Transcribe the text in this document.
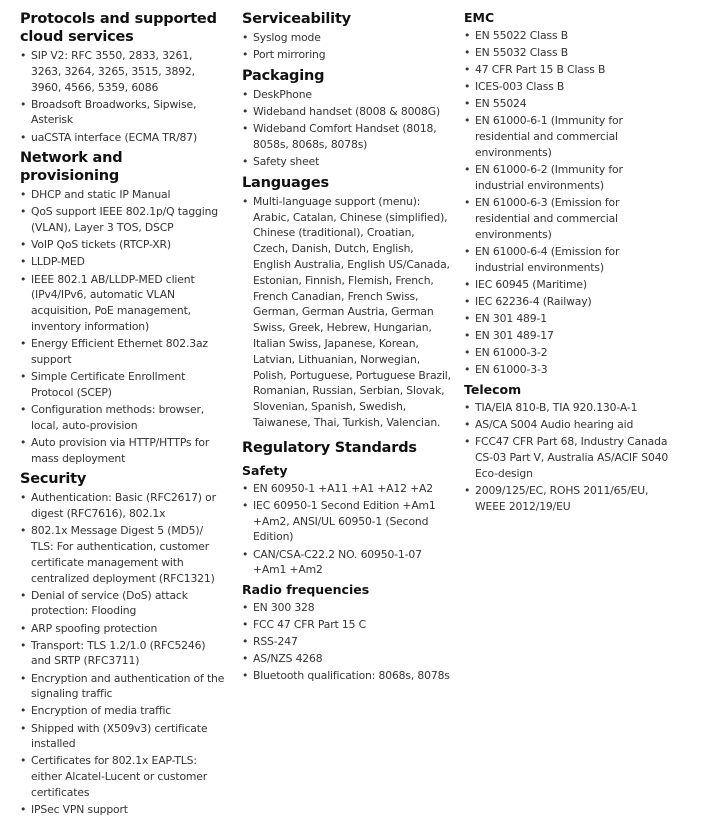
Protocols and supported cloud services
• SIP V2: RFC 3550, 2833, 3261, 3263, 3264, 3265, 3515, 3892, 3960, 4566, 5359, 6086
• Broadsoft Broadworks, Sipwise, Asterisk
• uaCSTA interface (ECMA TR/87)
Network and provisioning
• DHCP and static IP Manual
• QoS support IEEE 802.1p/Q tagging (VLAN), Layer 3 TOS, DSCP
• VoIP QoS tickets (RTCP-XR)
• LLDP-MED
• IEEE 802.1 AB/LLDP-MED client (IPv4/IPv6, automatic VLAN acquisition, PoE management, inventory information)
• Energy Efficient Ethernet 802.3az support
• Simple Certificate Enrollment Protocol (SCEP)
• Configuration methods: browser, local, auto-provision
• Auto provision via HTTP/HTTPs for mass deployment
Security
• Authentication: Basic (RFC2617) or digest (RFC7616), 802.1x
• 802.1x Message Digest 5 (MD5)/ TLS: For authentication, customer certificate management with centralized deployment (RFC1321)
• Denial of service (DoS) attack protection: Flooding
• ARP spoofing protection
• Transport: TLS 1.2/1.0 (RFC5246) and SRTP (RFC3711)
• Encryption and authentication of the signaling traffic
• Encryption of media traffic
• Shipped with (X509v3) certificate installed
• Certificates for 802.1x EAP-TLS: either Alcatel-Lucent or customer certificates
• IPSec VPN support
Serviceability
• Syslog mode
• Port mirroring
Packaging
• DeskPhone
• Wideband handset (8008 & 8008G)
• Wideband Comfort Handset (8018, 8058s, 8068s, 8078s)
• Safety sheet
Languages
• Multi-language support (menu): Arabic, Catalan, Chinese (simplified), Chinese (traditional), Croatian, Czech, Danish, Dutch, English, English Australia, English US/Canada, Estonian, Finnish, Flemish, French, French Canadian, French Swiss, German, German Austria, German Swiss, Greek, Hebrew, Hungarian, Italian Swiss, Japanese, Korean, Latvian, Lithuanian, Norwegian, Polish, Portuguese, Portuguese Brazil, Romanian, Russian, Serbian, Slovak, Slovenian, Spanish, Swedish, Taiwanese, Thai, Turkish, Valencian.
Regulatory Standards
Safety
• EN 60950-1 +A11 +A1 +A12 +A2
• IEC 60950-1 Second Edition +Am1 +Am2, ANSI/UL 60950-1 (Second Edition)
• CAN/CSA-C22.2 NO. 60950-1-07 +Am1 +Am2
Radio frequencies
• EN 300 328
• FCC 47 CFR Part 15 C
• RSS-247
• AS/NZS 4268
• Bluetooth qualification: 8068s, 8078s
EMC
• EN 55022 Class B
• EN 55032 Class B
• 47 CFR Part 15 B Class B
• ICES-003 Class B
• EN 55024
• EN 61000-6-1 (Immunity for residential and commercial environments)
• EN 61000-6-2 (Immunity for industrial environments)
• EN 61000-6-3 (Emission for residential and commercial environments)
• EN 61000-6-4 (Emission for industrial environments)
• IEC 60945 (Maritime)
• IEC 62236-4 (Railway)
• EN 301 489-1
• EN 301 489-17
• EN 61000-3-2
• EN 61000-3-3
Telecom
• TIA/EIA 810-B, TIA 920.130-A-1
• AS/CA S004 Audio hearing aid
• FCC47 CFR Part 68, Industry Canada CS-03 Part V, Australia AS/ACIF S040 Eco-design
• 2009/125/EC, ROHS 2011/65/EU, WEEE 2012/19/EU
